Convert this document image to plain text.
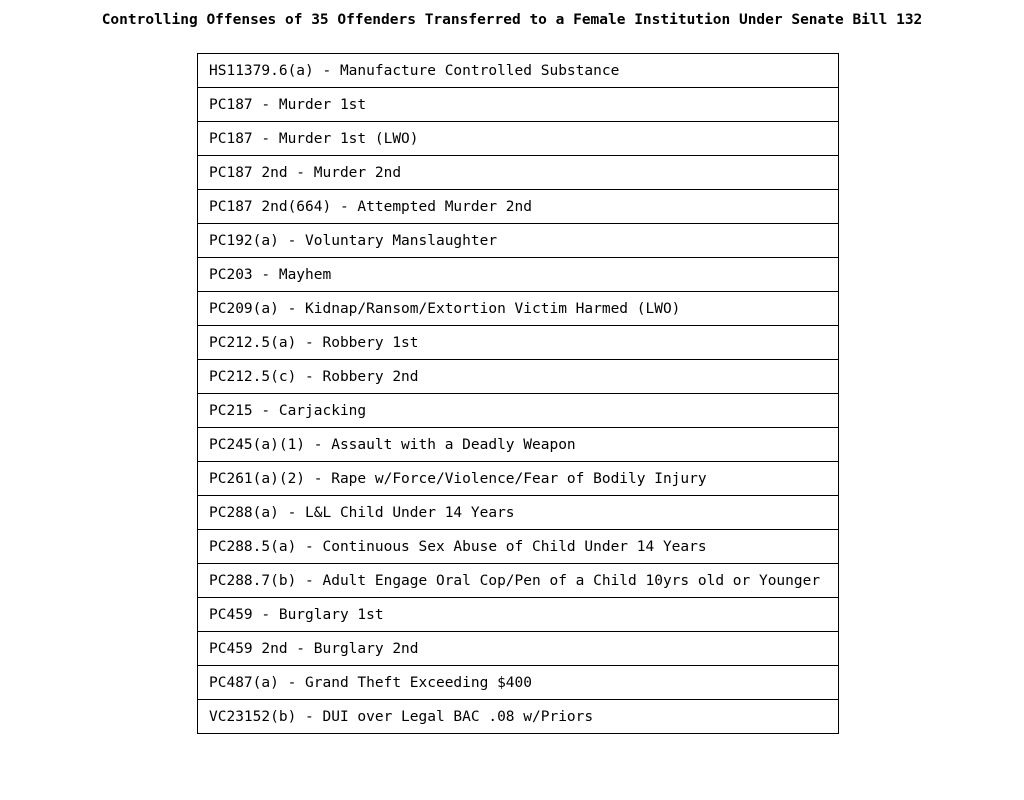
Controlling Offenses of 35 Offenders Transferred to a Female Institution Under Senate Bill 132
HS11379.6(a) - Manufacture Controlled Substance
PC187 - Murder 1st
PC187 - Murder 1st (LWO)
PC187 2nd - Murder 2nd
PC187 2nd(664) - Attempted Murder 2nd
PC192(a) - Voluntary Manslaughter
PC203 - Mayhem
PC209(a) - Kidnap/Ransom/Extortion Victim Harmed (LWO)
PC212.5(a) - Robbery 1st
PC212.5(c) - Robbery 2nd
PC215 - Carjacking
PC245(a)(1) - Assault with a Deadly Weapon
PC261(a)(2) - Rape w/Force/Violence/Fear of Bodily Injury
PC288(a) - L&L Child Under 14 Years
PC288.5(a) - Continuous Sex Abuse of Child Under 14 Years
PC288.7(b) - Adult Engage Oral Cop/Pen of a Child 10yrs old or Younger
PC459 - Burglary 1st
PC459 2nd - Burglary 2nd
PC487(a) - Grand Theft Exceeding $400
VC23152(b) - DUI over Legal BAC .08 w/Priors
